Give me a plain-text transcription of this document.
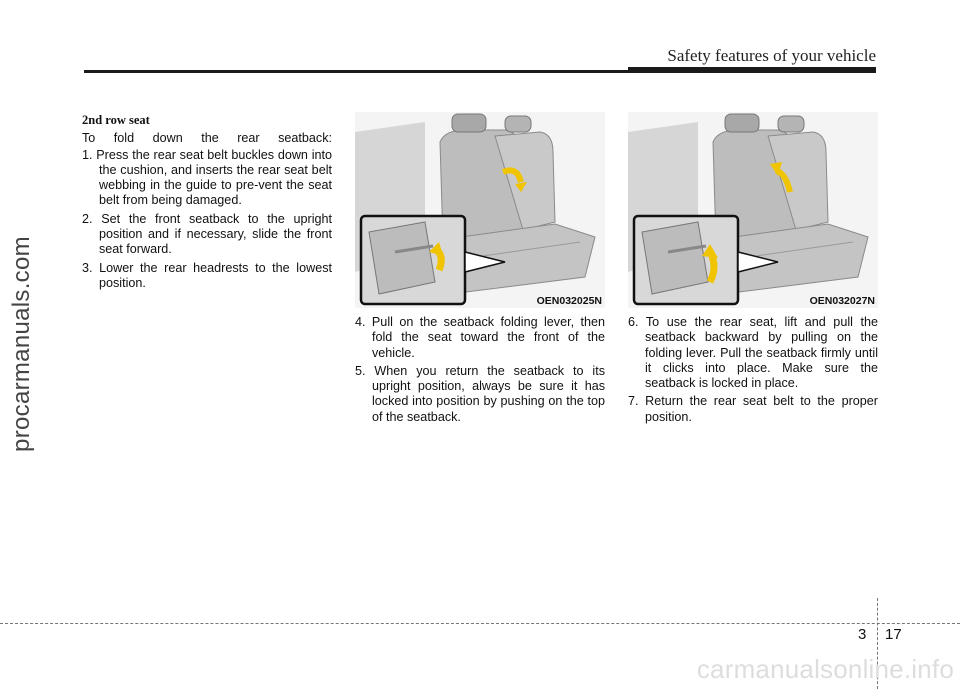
Safety features of your vehicle
procarmanuals.com
2nd row seat
To fold down the rear seatback:
1. Press the rear seat belt buckles down into the cushion, and inserts the rear seat belt webbing in the guide to pre-vent the seat belt from being damaged.
2. Set the front seatback to the upright position and if necessary, slide the front seat forward.
3. Lower the rear headrests to the lowest position.
OEN032025N	OEN032027N
4. Pull on the seatback folding lever, then fold the seat toward the front of the vehicle.
5. When you return the seatback to its upright position, always be sure it has locked into position by pushing on the top of the seatback.
6. To use the rear seat, lift and pull the seatback backward by pulling on the folding lever. Pull the seatback firmly until it clicks into place. Make sure the seatback is locked in place.
7. Return the rear seat belt to the proper position.
3 17
carmanualsonline.info
